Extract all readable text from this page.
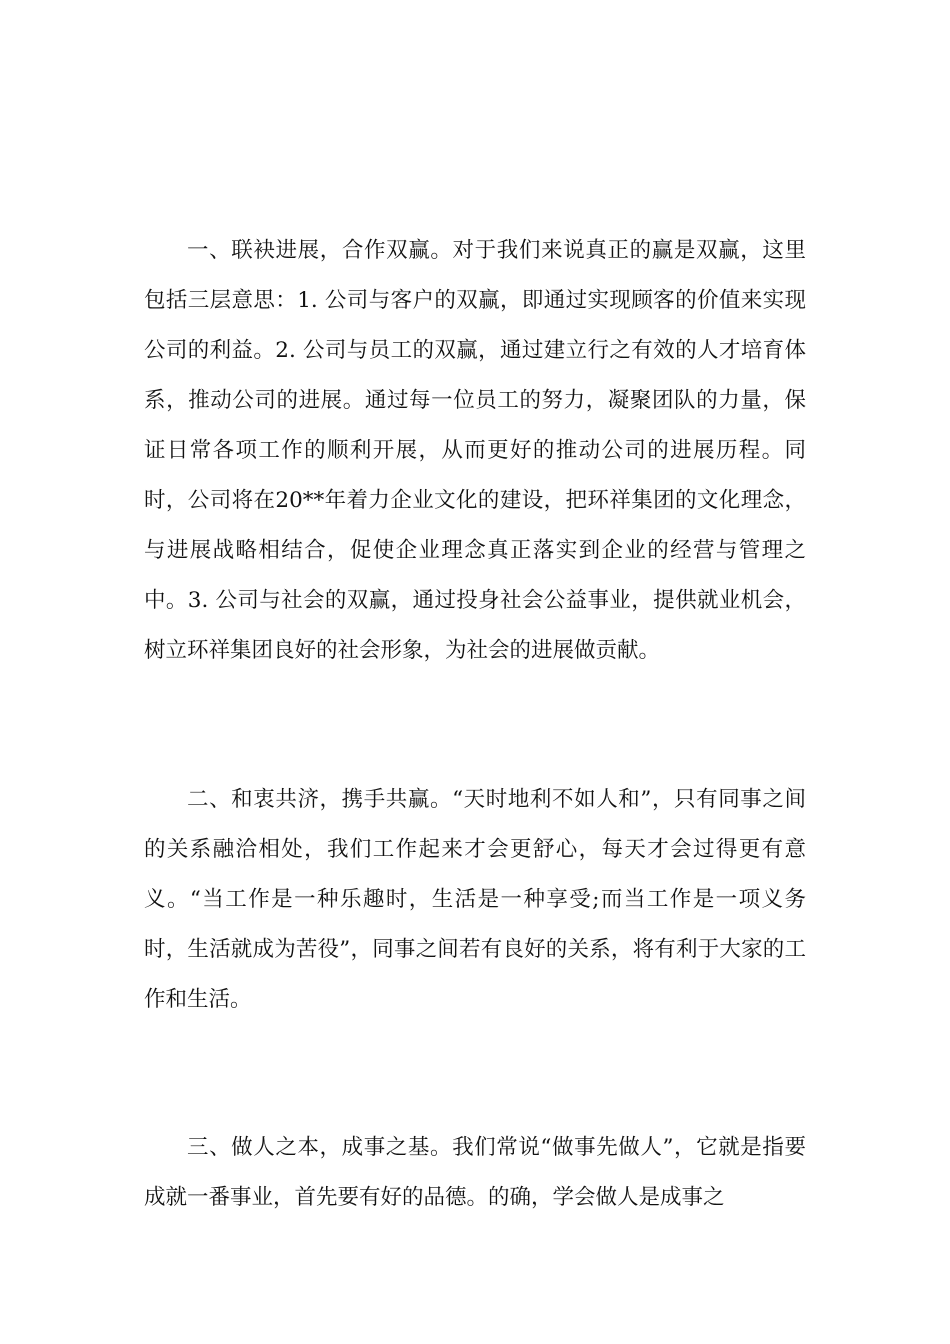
一、联袂进展，合作双赢。对于我们来说真正的赢是双赢，这里包括三层意思：1. 公司与客户的双赢，即通过实现顾客的价值来实现公司的利益。2. 公司与员工的双赢，通过建立行之有效的人才培育体系，推动公司的进展。通过每一位员工的努力，凝聚团队的力量，保证日常各项工作的顺利开展，从而更好的推动公司的进展历程。同时，公司将在20**年着力企业文化的建设，把环祥集团的文化理念，与进展战略相结合，促使企业理念真正落实到企业的经营与管理之中。3. 公司与社会的双赢，通过投身社会公益事业，提供就业机会，树立环祥集团良好的社会形象，为社会的进展做贡献。

二、和衷共济，携手共赢。“天时地利不如人和”，只有同事之间的关系融洽相处，我们工作起来才会更舒心，每天才会过得更有意义。“当工作是一种乐趣时，生活是一种享受;而当工作是一项义务时，生活就成为苦役”，同事之间若有良好的关系，将有利于大家的工作和生活。

三、做人之本，成事之基。我们常说“做事先做人”，它就是指要成就一番事业，首先要有好的品德。的确，学会做人是成事之
